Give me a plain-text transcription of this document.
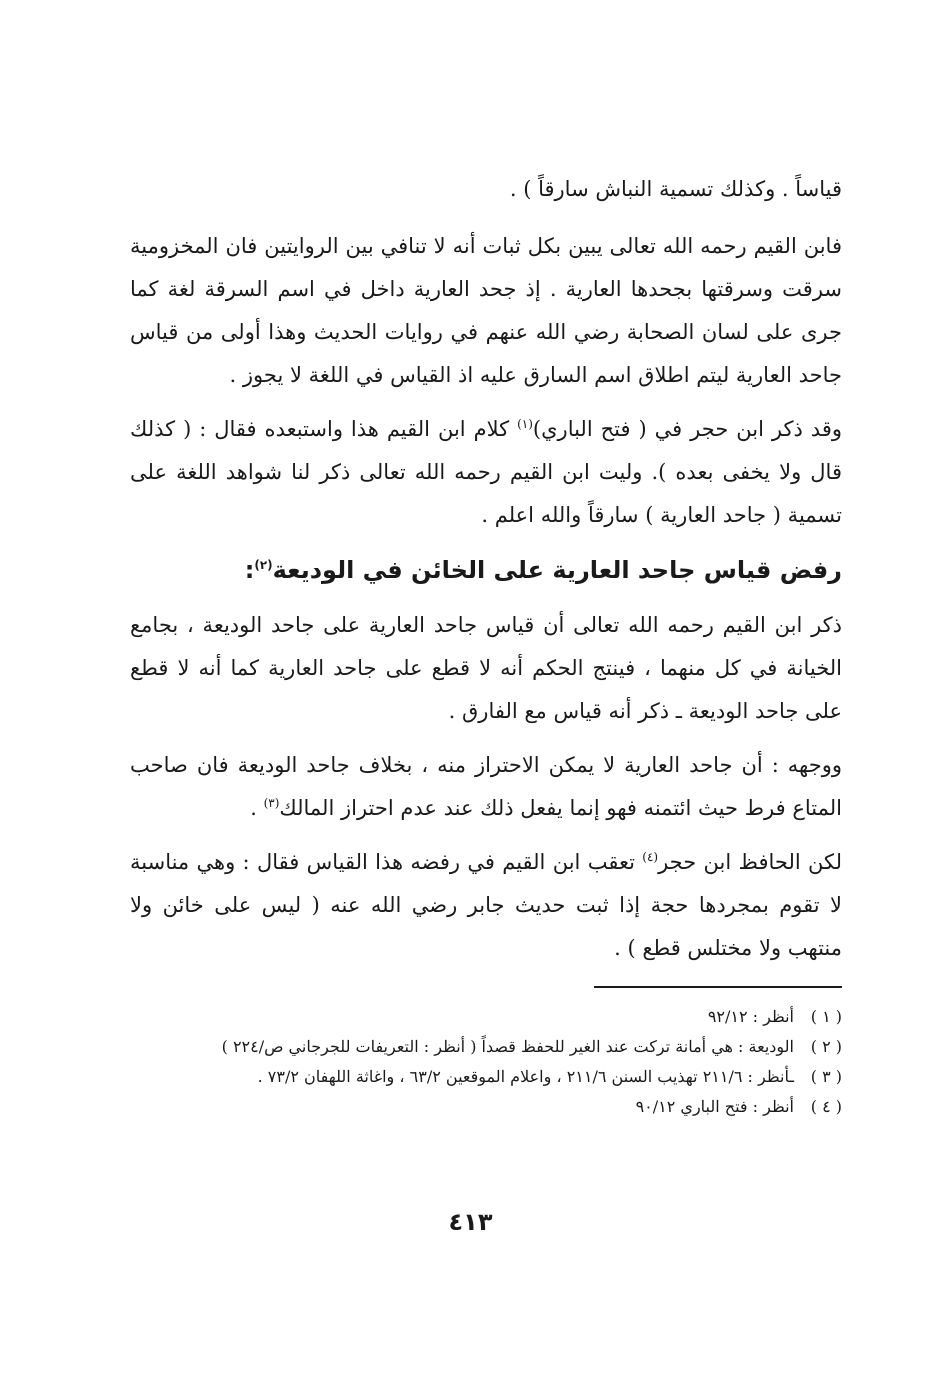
قياساً . وكذلك تسمية النباش سارقاً ) .

فابن القيم رحمه الله تعالى يبين بكل ثبات أنه لا تنافي بين الروايتين فان المخزومية سرقت وسرقتها بجحدها العارية . إذ جحد العارية داخل في اسم السرقة لغة كما جرى على لسان الصحابة رضي الله عنهم في روايات الحديث وهذا أولى من قياس جاحد العارية ليتم اطلاق اسم السارق عليه اذ القياس في اللغة لا يجوز .

وقد ذكر ابن حجر في ( فتح الباري)$^{(١)}$ كلام ابن القيم هذا واستبعده فقال : ( كذلك قال ولا يخفى بعده ). وليت ابن القيم رحمه الله تعالى ذكر لنا شواهد اللغة على تسمية ( جاحد العارية ) سارقاً والله اعلم .

رفض قياس جاحد العارية على الخائن في الوديعة$^{(٢)}$:

ذكر ابن القيم رحمه الله تعالى أن قياس جاحد العارية على جاحد الوديعة ، بجامع الخيانة في كل منهما ، فينتج الحكم أنه لا قطع على جاحد العارية كما أنه لا قطع على جاحد الوديعة ـ ذكر أنه قياس مع الفارق .

ووجهه : أن جاحد العارية لا يمكن الاحتراز منه ، بخلاف جاحد الوديعة فان صاحب المتاع فرط حيث ائتمنه فهو إنما يفعل ذلك عند عدم احتراز المالك$^{(٣)}$ .

لكن الحافظ ابن حجر$^{(٤)}$ تعقب ابن القيم في رفضه هذا القياس فقال : وهي مناسبة لا تقوم بمجردها حجة إذا ثبت حديث جابر رضي الله عنه ( ليس على خائن ولا منتهب ولا مختلس قطع ) .

( ١ )
أنظر : ٩٢/١٢
( ٢ )
الوديعة : هي أمانة تركت عند الغير للحفظ قصداً ( أنظر : التعريفات للجرجاني ص/٢٢٤ )
( ٣ )
ـأنظر : ٢١١/٦ تهذيب السنن ٢١١/٦ ، واعلام الموقعين ٦٣/٢ ، واغاثة اللهفان ٧٣/٢ .
( ٤ )
أنظر : فتح الباري ٩٠/١٢
٤١٣
